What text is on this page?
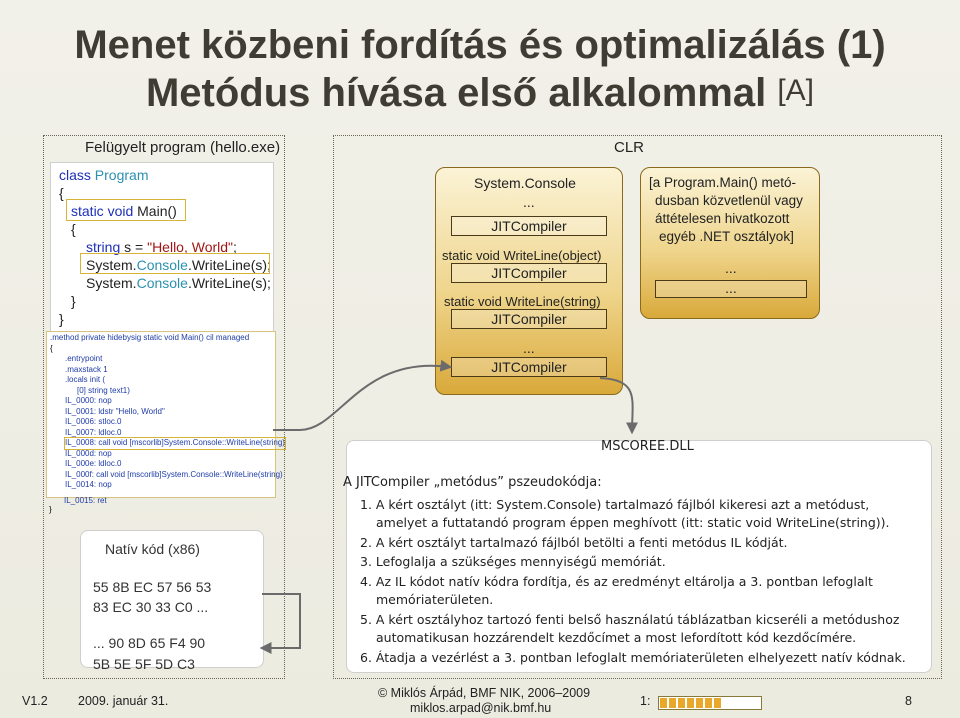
Menet közbeni fordítás és optimalizálás (1)
Metódus hívása első alkalommal [A]
Felügyelt program (hello.exe)	CLR
class Program
{
static void Main()
{
string s = "Hello, World";
System.Console.WriteLine(s);
System.Console.WriteLine(s);
}
}
.method private hidebysig static void Main() cil managed
{
.entrypoint
.maxstack 1
.locals init (
[0] string text1)
IL_0000: nop
IL_0001: ldstr "Hello, World"
IL_0006: stloc.0
IL_0007: ldloc.0
IL_0008: call void [mscorlib]System.Console::WriteLine(string)
IL_000d: nop
IL_000e: ldloc.0
IL_000f: call void [mscorlib]System.Console::WriteLine(string)
IL_0014: nop
IL_0015: ret
}
Natív kód (x86)
55 8B EC 57 56 53
83 EC 30 33 C0 ...
... 90 8D 65 F4 90
5B 5E 5F 5D C3
System.Console
...
JITCompiler
static void WriteLine(object)
JITCompiler
static void WriteLine(string)
JITCompiler
...
JITCompiler
[a Program.Main() metó-
dusban közvetlenül vagy
áttételesen hivatkozott
egyéb .NET osztályok]
...
...
MSCOREE.DLL
A JITCompiler „metódus” pszeudokódja:
1. A kért osztályt (itt: System.Console) tartalmazó fájlból kikeresi azt a metódust,
amelyet a futtatandó program éppen meghívott (itt: static void WriteLine(string)).
2. A kért osztályt tartalmazó fájlból betölti a fenti metódus IL kódját.
3. Lefoglalja a szükséges mennyiségű memóriát.
4. Az IL kódot natív kódra fordítja, és az eredményt eltárolja a 3. pontban lefoglalt
memóriaterületen.
5. A kért osztályhoz tartozó fenti belső használatú táblázatban kicseréli a metódushoz
automatikusan hozzárendelt kezdőcímet a most lefordított kód kezdőcímére.
6. Átadja a vezérlést a 3. pontban lefoglalt memóriaterületen elhelyezett natív kódnak.
V1.2 2009. január 31.
© Miklós Árpád, BMF NIK, 2006–2009
miklos.arpad@nik.bmf.hu	1:	8
